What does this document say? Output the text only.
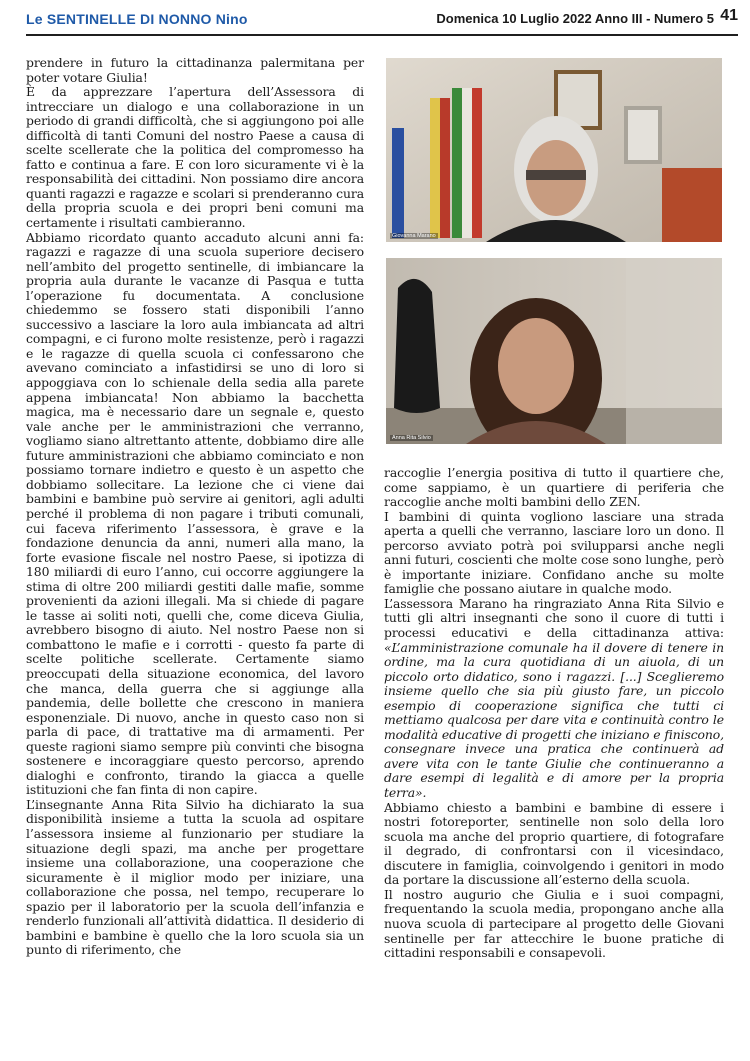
Le SENTINELLE DI NONNO Nino	Domenica 10 Luglio 2022 Anno III - Numero 5 41

prendere in futuro la cittadinanza palermitana per poter votare Giulia!

È da apprezzare l’apertura dell’Assessora di intrecciare un dialogo e una collaborazione in un periodo di grandi difficoltà, che si aggiungono poi alle difficoltà di tanti Comuni del nostro Paese a causa di scelte scellerate che la politica del compromesso ha fatto e continua a fare. E con loro sicuramente vi è la responsabilità dei cittadini. Non possiamo dire ancora quanti ragazzi e ragazze e scolari si prenderanno cura della propria scuola e dei propri beni comuni ma certamente i risultati cambieranno.

Abbiamo ricordato quanto accaduto alcuni anni fa: ragazzi e ragazze di una scuola superiore decisero nell’ambito del progetto sentinelle, di imbiancare la propria aula durante le vacanze di Pasqua e tutta l’operazione fu documentata. A conclusione chiedemmo se fossero stati disponibili l’anno successivo a lasciare la loro aula imbiancata ad altri compagni, e ci furono molte resistenze, però i ragazzi e le ragazze di quella scuola ci confessarono che avevano cominciato a infastidirsi se uno di loro si appoggiava con lo schienale della sedia alla parete appena imbiancata! Non abbiamo la bacchetta magica, ma è necessario dare un segnale e, questo vale anche per le amministrazioni che verranno, vogliamo siano altrettanto attente, dobbiamo dire alle future amministrazioni che abbiamo cominciato e non possiamo tornare indietro e questo è un aspetto che dobbiamo sollecitare. La lezione che ci viene dai bambini e bambine può servire ai genitori, agli adulti perché il problema di non pagare i tributi comunali, cui faceva riferimento l’assessora, è grave e la fondazione denuncia da anni, numeri alla mano, la forte evasione fiscale nel nostro Paese, si ipotizza di 180 miliardi di euro l’anno, cui occorre aggiungere la stima di oltre 200 miliardi gestiti dalle mafie, somme provenienti da azioni illegali. Ma si chiede di pagare le tasse ai soliti noti, quelli che, come diceva Giulia, avrebbero bisogno di aiuto. Nel nostro Paese non si combattono le mafie e i corrotti - questo fa parte di scelte politiche scellerate. Certamente siamo preoccupati della situazione economica, del lavoro che manca, della guerra che si aggiunge alla pandemia, delle bollette che crescono in maniera esponenziale. Di nuovo, anche in questo caso non si parla di pace, di trattative ma di armamenti. Per queste ragioni siamo sempre più convinti che bisogna sostenere e incoraggiare questo percorso, aprendo dialoghi e confronto, tirando la giacca a quelle istituzioni che fan finta di non capire.

L’insegnante Anna Rita Silvio ha dichiarato la sua disponibilità insieme a tutta la scuola ad ospitare l’assessora insieme al funzionario per studiare la situazione degli spazi, ma anche per progettare insieme una collaborazione, una cooperazione che sicuramente è il miglior modo per iniziare, una collaborazione che possa, nel tempo, recuperare lo spazio per il laboratorio per la scuola dell’infanzia e renderlo funzionali all’attività didattica. Il desiderio di bambini e bambine è quello che la loro scuola sia un punto di riferimento, che

Giovanna Marano
Anna Rita Silvio

raccoglie l’energia positiva di tutto il quartiere che, come sappiamo, è un quartiere di periferia che raccoglie anche molti bambini dello ZEN.

I bambini di quinta vogliono lasciare una strada aperta a quelli che verranno, lasciare loro un dono. Il percorso avviato potrà poi svilupparsi anche negli anni futuri, coscienti che molte cose sono lunghe, però è importante iniziare. Confidano anche su molte famiglie che possano aiutare in qualche modo.

L’assessora Marano ha ringraziato Anna Rita Silvio e tutti gli altri insegnanti che sono il cuore di tutti i processi educativi e della cittadinanza attiva: «L’amministrazione comunale ha il dovere di tenere in ordine, ma la cura quotidiana di un aiuola, di un piccolo orto didatico, sono i ragazzi. [...] Sceglieremo insieme quello che sia più giusto fare, un piccolo esempio di cooperazione significa che tutti ci mettiamo qualcosa per dare vita e continuità contro le modalità educative di progetti che iniziano e finiscono, consegnare invece una pratica che continuerà ad avere vita con le tante Giulie che continueranno a dare esempi di legalità e di amore per la propria terra».

Abbiamo chiesto a bambini e bambine di essere i nostri fotoreporter, sentinelle non solo della loro scuola ma anche del proprio quartiere, di fotografare il degrado, di confrontarsi con il vicesindaco, discutere in famiglia, coinvolgendo i genitori in modo da portare la discussione all’esterno della scuola.

Il nostro augurio che Giulia e i suoi compagni, frequentando la scuola media, propongano anche alla nuova scuola di partecipare al progetto delle Giovani sentinelle per far attecchire le buone pratiche di cittadini responsabili e consapevoli.
